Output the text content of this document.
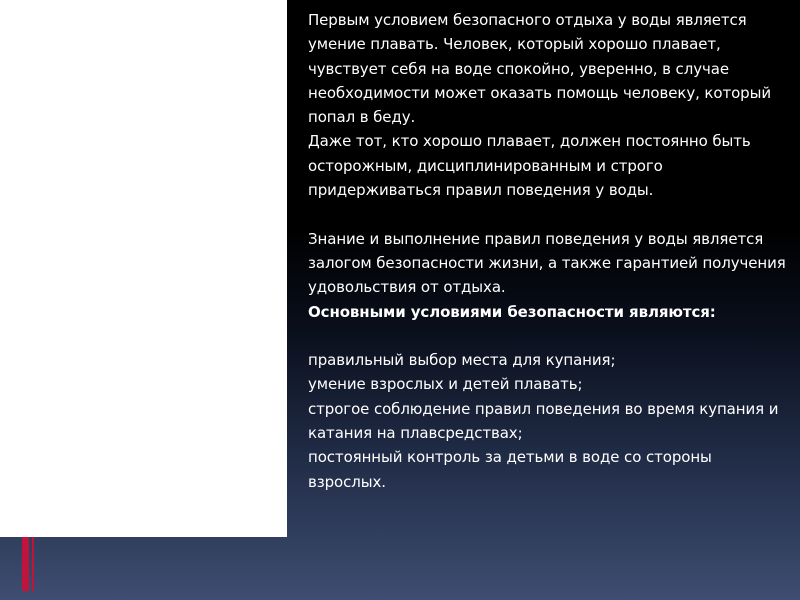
Первым условием безопасного отдыха у воды является умение плавать. Человек, который хорошо плавает, чувствует себя на воде спокойно, уверенно, в случае необходимости может оказать помощь человеку, который попал в беду.

Даже тот, кто хорошо плавает, должен постоянно быть осторожным, дисциплинированным и строго придерживаться правил поведения у воды.

Знание и выполнение правил поведения у воды является залогом безопасности жизни, а также гарантией получения удовольствия от отдыха.

Основными условиями безопасности являются:

правильный выбор места для купания;

умение взрослых и детей плавать;

строгое соблюдение правил поведения во время купания и катания на плавсредствах;

постоянный контроль за детьми в воде со стороны взрослых.
